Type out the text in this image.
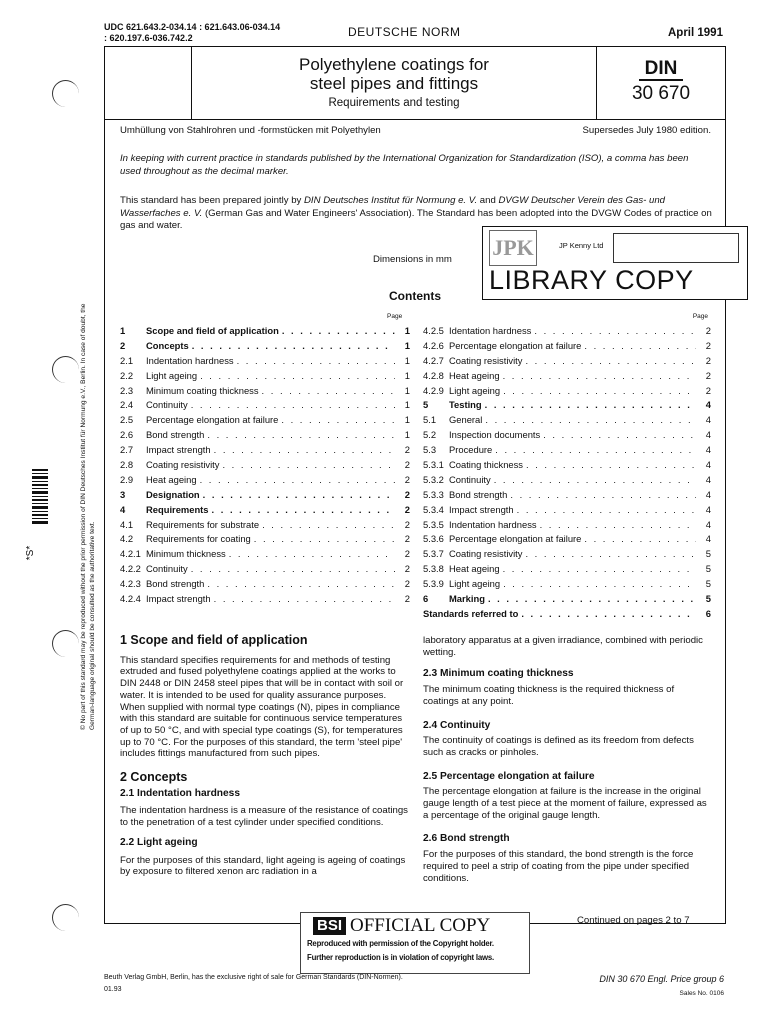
© No part of this standard may be reproduced without the prior permission of DIN Deutsches Institut für Normung e.V., Berlin. In case of doubt, the German-language original should be consulted as the authoritative text.
*S*
UDC 621.643.2-034.14 : 621.643.06-034.14
: 620.197.6-036.742.2	DEUTSCHE NORM	April 1991
Polyethylene coatings for
steel pipes and fittings
Requirements and testing
DIN
30 670
Umhüllung von Stahlrohren und -formstücken mit Polyethylen	Supersedes July 1980 edition.
In keeping with current practice in standards published by the International Organization for Standardization (ISO), a comma has been used throughout as the decimal marker.
This standard has been prepared jointly by DIN Deutsches Institut für Normung e. V. and DVGW Deutscher Verein des Gas- und Wasserfaches e. V. (German Gas and Water Engineers' Association). The Standard has been adopted into the DVGW Codes of practice on gas and water.
Dimensions in mm
Contents
Page	Page
1	Scope and field of application . . .	1
2	Concepts . . .	1
2.1	Indentation hardness . . .	1
2.2	Light ageing . . .	1
2.3	Minimum coating thickness . . .	1
2.4	Continuity . . .	1
2.5	Percentage elongation at failure . . .	1
2.6	Bond strength . . .	1
2.7	Impact strength . . .	2
2.8	Coating resistivity . . .	2
2.9	Heat ageing . . .	2
3	Designation . . .	2
4	Requirements . . .	2
4.1	Requirements for substrate . . .	2
4.2	Requirements for coating . . .	2
4.2.1 Minimum thickness . . .	2
4.2.2 Continuity . . .	2
4.2.3 Bond strength . . .	2
4.2.4 Impact strength . . .	2
4.2.5 Identation hardness . . .	2
4.2.6 Percentage elongation at failure . . .	2
4.2.7 Coating resistivity . . .	2
4.2.8 Heat ageing . . .	2
4.2.9 Light ageing . . .	2
5	Testing . . .	4
5.1	General . . .	4
5.2	Inspection documents . . .	4
5.3	Procedure . . .	4
5.3.1 Coating thickness . . .	4
5.3.2 Continuity . . .	4
5.3.3 Bond strength . . .	4
5.3.4 Impact strength . . .	4
5.3.5 Indentation hardness . . .	4
5.3.6 Percentage elongation at failure . . .	4
5.3.7 Coating resistivity . . .	5
5.3.8 Heat ageing . . .	5
5.3.9 Light ageing . . .	5
6	Marking . . .	5
Standards referred to . . .	6
1 Scope and field of application

This standard specifies requirements for and methods of testing extruded and fused polyethylene coatings applied at the works to DIN 2448 or DIN 2458 steel pipes that will be in contact with soil or water. It is intended to be used for quality assurance purposes. When supplied with normal type coatings (N), pipes in compliance with this standard are suitable for continuous service temperatures of up to 50 °C, and with special type coatings (S), for temperatures up to 70 °C. For the purposes of this standard, the term 'steel pipe' includes fittings manufactured from such pipes.

2 Concepts
2.1 Indentation hardness

The indentation hardness is a measure of the resistance of coatings to the penetration of a test cylinder under specified conditions.

2.2 Light ageing

For the purposes of this standard, light ageing is ageing of coatings by exposure to filtered xenon arc radiation in a

laboratory apparatus at a given irradiance, combined with periodic wetting.

2.3 Minimum coating thickness

The minimum coating thickness is the required thickness of coatings at any point.

2.4 Continuity

The continuity of coatings is defined as its freedom from defects such as cracks or pinholes.

2.5 Percentage elongation at failure

The percentage elongation at failure is the increase in the original gauge length of a test piece at the moment of failure, expressed as a percentage of the original gauge length.

2.6 Bond strength

For the purposes of this standard, the bond strength is the force required to peel a strip of coating from the pipe under specified conditions.

Continued on pages 2 to 7
JPK	JP Kenny Ltd
LIBRARY COPY
BSI OFFICIAL COPY
Reproduced with permission of the Copyright holder.
Further reproduction is in violation of copyright laws.
Beuth Verlag GmbH, Berlin, has the exclusive right of sale for German Standards (DIN-Normen).
01.93
DIN 30 670 Engl. Price group 6
Sales No. 0106
